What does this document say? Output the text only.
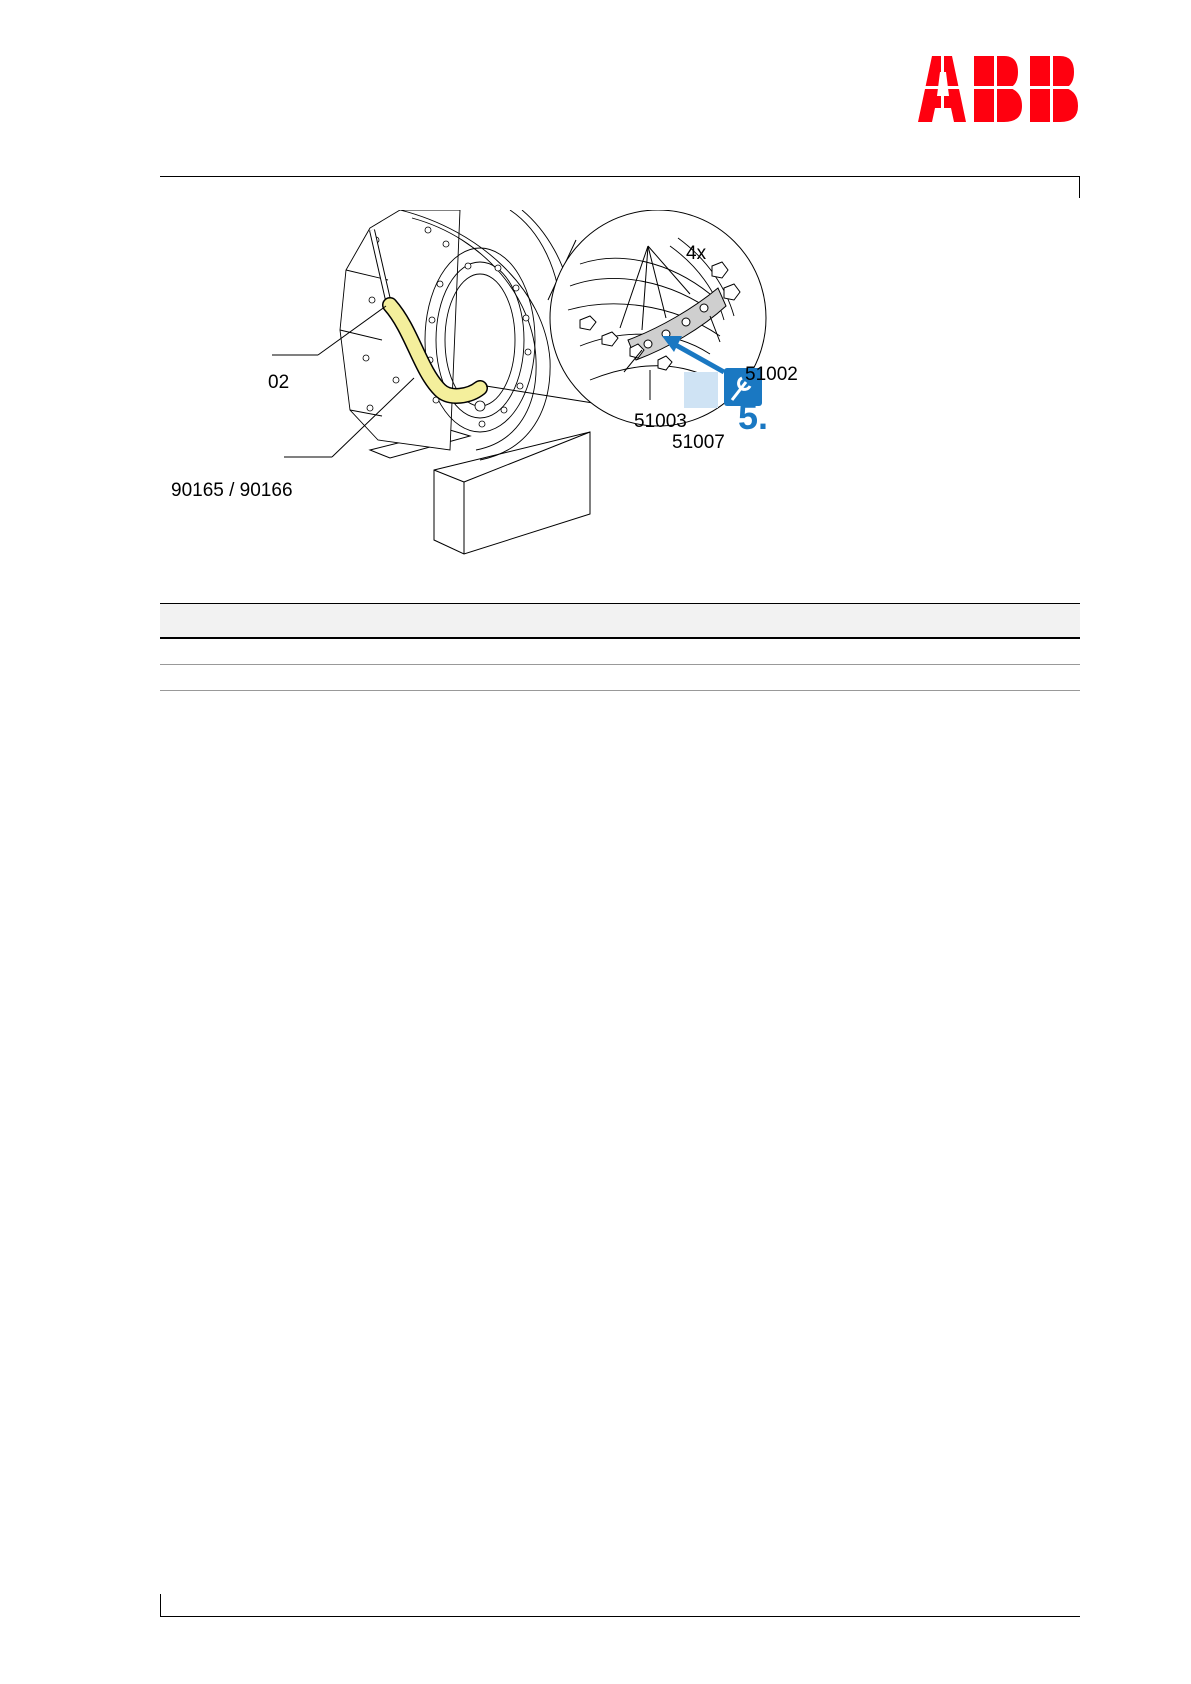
02
90165 / 90166
4x
51002
51003
51007
5. Nm
